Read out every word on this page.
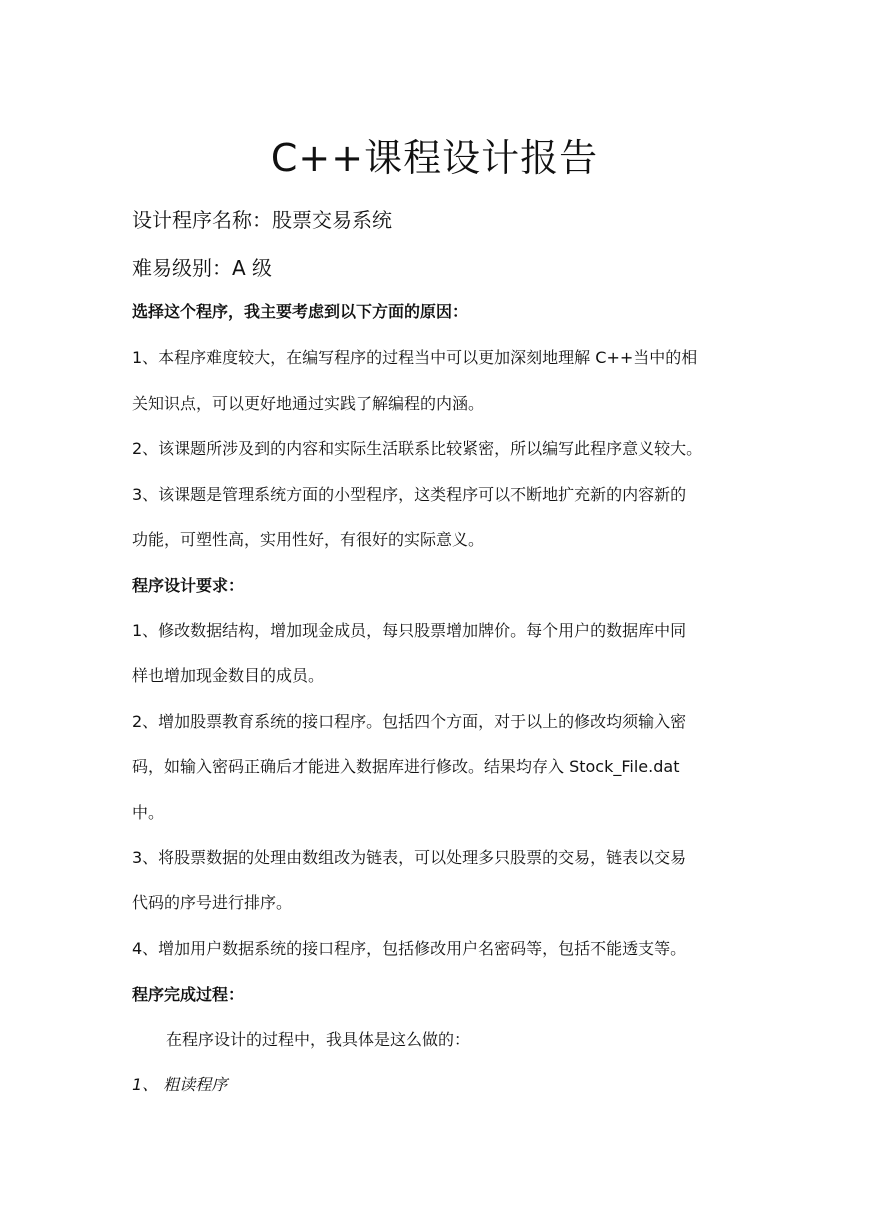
C++课程设计报告
设计程序名称：股票交易系统
难易级别：A 级
选择这个程序，我主要考虑到以下方面的原因：
1、本程序难度较大，在编写程序的过程当中可以更加深刻地理解 C++当中的相
关知识点，可以更好地通过实践了解编程的内涵。
2、该课题所涉及到的内容和实际生活联系比较紧密，所以编写此程序意义较大。
3、该课题是管理系统方面的小型程序，这类程序可以不断地扩充新的内容新的
功能，可塑性高，实用性好，有很好的实际意义。
程序设计要求：
1、修改数据结构，增加现金成员，每只股票增加牌价。每个用户的数据库中同
样也增加现金数目的成员。
2、增加股票教育系统的接口程序。包括四个方面，对于以上的修改均须输入密
码，如输入密码正确后才能进入数据库进行修改。结果均存入 Stock_File.dat
中。
3、将股票数据的处理由数组改为链表，可以处理多只股票的交易，链表以交易
代码的序号进行排序。
4、增加用户数据系统的接口程序，包括修改用户名密码等，包括不能透支等。
程序完成过程：
在程序设计的过程中，我具体是这么做的：
1、 粗读程序
